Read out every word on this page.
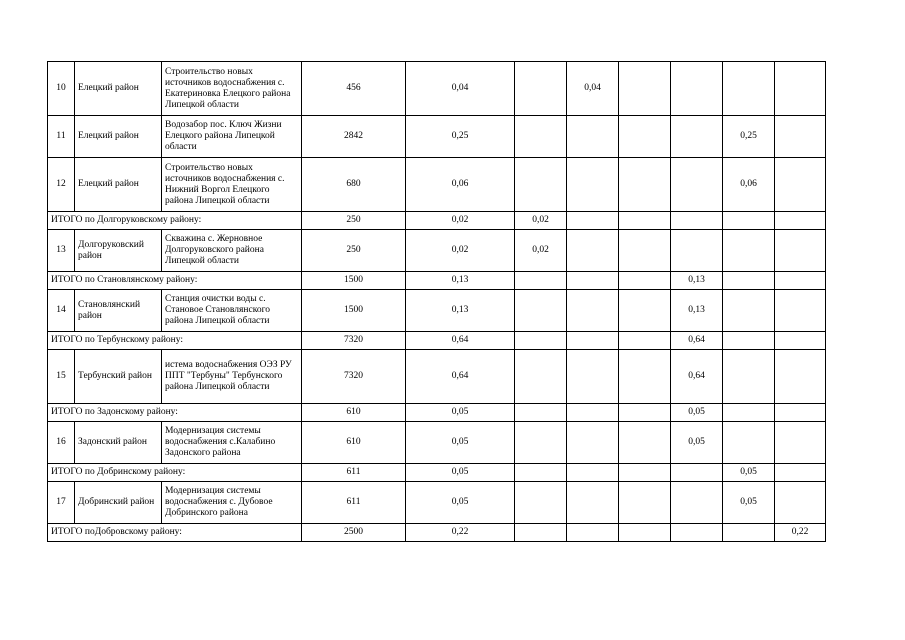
10	Елецкий район	Строительство новых источников водоснабжения с. Екатериновка Елецкого района Липецкой области	456	0,04		0,04				
11	Елецкий район	Водозабор пос. Ключ Жизни Елецкого района Липецкой области	2842	0,25					0,25	
12	Елецкий район	Строительство новых источников водоснабжения с. Нижний Воргол Елецкого района Липецкой области	680	0,06					0,06	
ИТОГО по Долгоруковскому району:			250	0,02	0,02					
13	Долгоруковский район	Скважина с. Жерновное Долгоруковского района Липецкой области	250	0,02	0,02					
ИТОГО по Становлянскому району:			1500	0,13				0,13		
14	Становлянский район	Станция очистки воды с. Становое Становлянского района Липецкой области	1500	0,13				0,13		
ИТОГО по Тербунскому району:			7320	0,64				0,64		
15	Тербунский район	истема водоснабжения ОЭЗ РУ ППТ "Тербуны" Тербунского района Липецкой области	7320	0,64				0,64		
ИТОГО по Задонскому району:			610	0,05				0,05		
16	Задонский район	Модернизация системы водоснабжения с.Калабино Задонского района	610	0,05				0,05		
ИТОГО по Добринскому району:			611	0,05					0,05	
17	Добринский район	Модернизация системы водоснабжения с. Дубовое Добринского района	611	0,05					0,05	
ИТОГО поДобровскому району:			2500	0,22						0,22
